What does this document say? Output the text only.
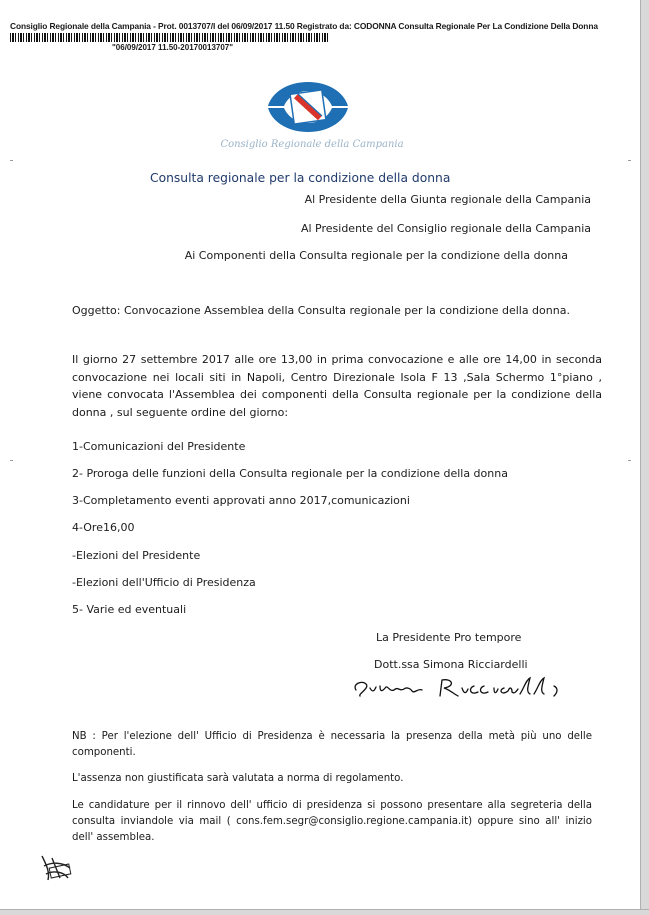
Consiglio Regionale della Campania - Prot. 0013707/I del 06/09/2017 11.50 Registrato da: CODONNA Consulta Regionale Per La Condizione Della Donna
"06/09/2017 11.50-20170013707"
Consiglio Regionale della Campania
Consulta regionale per la condizione della donna
Al Presidente della Giunta regionale della Campania
Al Presidente del Consiglio regionale della Campania
Ai Componenti della Consulta regionale per la condizione della donna
Oggetto: Convocazione Assemblea della Consulta regionale per la condizione della donna.
Il giorno 27 settembre 2017 alle ore 13,00 in prima convocazione e alle ore 14,00 in seconda convocazione nei locali siti in Napoli, Centro Direzionale Isola F 13 ,Sala Schermo 1°piano , viene convocata l'Assemblea dei componenti della Consulta regionale per la condizione della donna , sul seguente ordine del giorno:
1-Comunicazioni del Presidente
2- Proroga delle funzioni della Consulta regionale per la condizione della donna
3-Completamento eventi approvati anno 2017,comunicazioni
4-Ore16,00
-Elezioni del Presidente
-Elezioni dell'Ufficio di Presidenza
5- Varie ed eventuali
La Presidente Pro tempore
Dott.ssa Simona Ricciardelli
NB : Per l'elezione dell' Ufficio di Presidenza è necessaria la presenza della metà più uno delle componenti.
L'assenza non giustificata sarà valutata a norma di regolamento.
Le candidature per il rinnovo dell' ufficio di presidenza si possono presentare alla segreteria della consulta inviandole via mail ( cons.fem.segr@consiglio.regione.campania.it) oppure sino all' inizio dell' assemblea.
